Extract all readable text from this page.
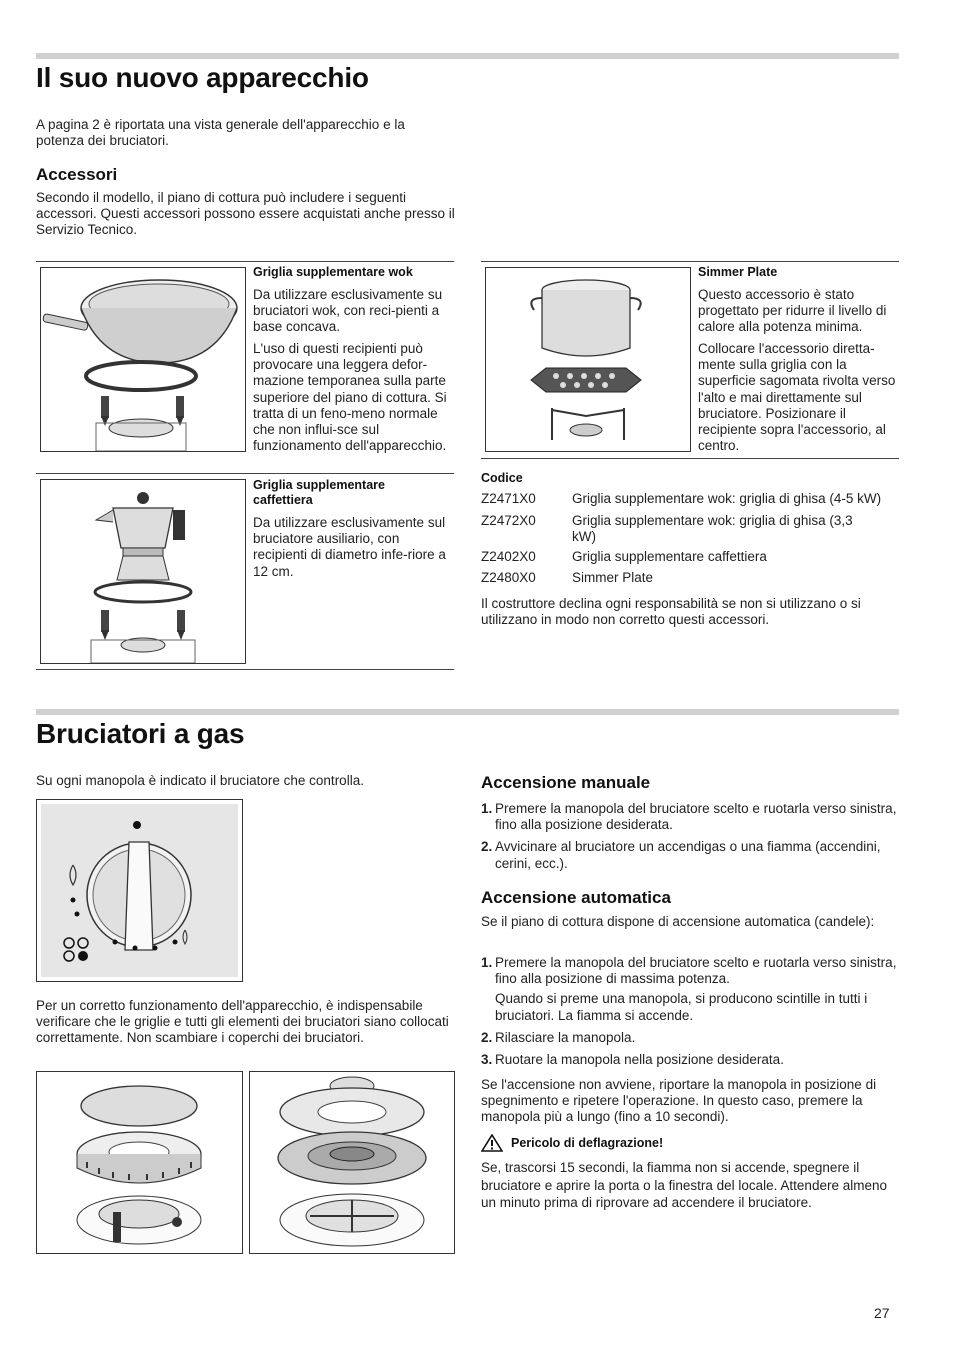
Il suo nuovo apparecchio

A pagina 2 è riportata una vista generale dell'apparecchio e la potenza dei bruciatori.

Accessori

Secondo il modello, il piano di cottura può includere i seguenti accessori. Questi accessori possono essere acquistati anche presso il Servizio Tecnico.

Griglia supplementare wok

Da utilizzare esclusivamente su bruciatori wok, con reci-pienti a base concava.

L'uso di questi recipienti può provocare una leggera defor-mazione temporanea sulla parte superiore del piano di cottura. Si tratta di un feno-meno normale che non influi-sce sul funzionamento dell'apparecchio.

Griglia supplementare caffettiera

Da utilizzare esclusivamente sul bruciatore ausiliario, con recipienti di diametro infe-riore a 12 cm.

Simmer Plate

Questo accessorio è stato progettato per ridurre il livello di calore alla potenza minima.

Collocare l'accessorio diretta-mente sulla griglia con la superficie sagomata rivolta verso l'alto e mai direttamente sul bruciatore. Posizionare il recipiente sopra l'accessorio, al centro.

Codice
Z2471X0	Griglia supplementare wok: griglia di ghisa (4-5 kW)
Z2472X0	Griglia supplementare wok: griglia di ghisa (3,3 kW)
Z2402X0	Griglia supplementare caffettiera
Z2480X0	Simmer Plate

Il costruttore declina ogni responsabilità se non si utilizzano o si utilizzano in modo non corretto questi accessori.

Bruciatori a gas

Su ogni manopola è indicato il bruciatore che controlla.

Per un corretto funzionamento dell'apparecchio, è indispensabile verificare che le griglie e tutti gli elementi dei bruciatori siano collocati correttamente. Non scambiare i coperchi dei bruciatori.

Accensione manuale
1. Premere la manopola del bruciatore scelto e ruotarla verso sinistra, fino alla posizione desiderata.
2. Avvicinare al bruciatore un accendigas o una fiamma (accendini, cerini, ecc.).
Accensione automatica

Se il piano di cottura dispone di accensione automatica (candele):

1. Premere la manopola del bruciatore scelto e ruotarla verso sinistra, fino alla posizione di massima potenza.
Quando si preme una manopola, si producono scintille in tutti i bruciatori. La fiamma si accende.
2. Rilasciare la manopola.
3. Ruotare la manopola nella posizione desiderata.

Se l'accensione non avviene, riportare la manopola in posizione di spegnimento e ripetere l'operazione. In questo caso, premere la manopola più a lungo (fino a 10 secondi).

Pericolo di deflagrazione!

Se, trascorsi 15 secondi, la fiamma non si accende, spegnere il bruciatore e aprire la porta o la finestra del locale. Attendere almeno un minuto prima di riprovare ad accendere il bruciatore.

27
